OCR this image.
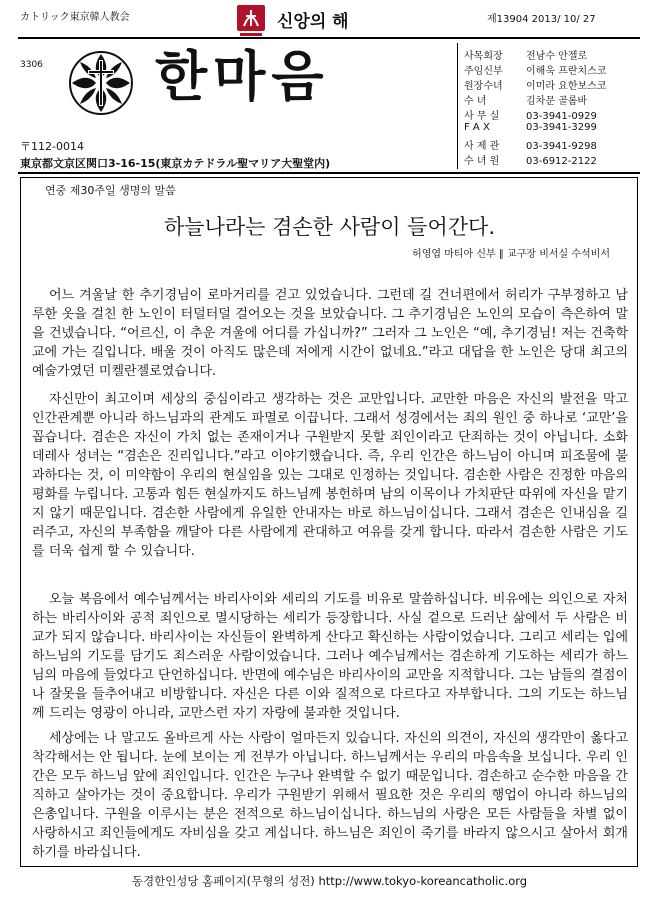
カトリック東京韓人教会	신앙의 해	제13904 2013/ 10/ 27
3306 한마음
〒112-0014
東京都文京区関口3-16-15(東京カテドラル聖マリア大聖堂内)
사목회장 전남수 안젤로
주임신부 이해욱 프란치스코
원장수녀 이미라 요한보스코
수 녀	김차문 골롬바
사 무 실	03-3941-0929
F A X	03-3941-3299
사 제 관	03-3941-9298
수 녀 원	03-6912-2122
연중 제30주일 생명의 말씀
하늘나라는 겸손한 사람이 들어간다.
허영엽 마티아 신부 ∥ 교구장 비서실 수석비서

어느 겨울날 한 추기경님이 로마거리를 걷고 있었습니다. 그런데 길 건너편에서 허리가 구부정하고 남루한 옷을 걸친 한 노인이 터덜터덜 걸어오는 것을 보았습니다. 그 추기경님은 노인의 모습이 측은하여 말을 건넸습니다. “어르신, 이 추운 겨울에 어디를 가십니까?” 그러자 그 노인은 “예, 추기경님! 저는 건축학교에 가는 길입니다. 배울 것이 아직도 많은데 저에게 시간이 없네요.”라고 대답을 한 노인은 당대 최고의 예술가였던 미켈란젤로였습니다.

자신만이 최고이며 세상의 중심이라고 생각하는 것은 교만입니다. 교만한 마음은 자신의 발전을 막고 인간관계뿐 아니라 하느님과의 관계도 파멸로 이끕니다. 그래서 성경에서는 죄의 원인 중 하나로 ‘교만’을 꼽습니다. 겸손은 자신이 가치 없는 존재이거나 구원받지 못할 죄인이라고 단죄하는 것이 아닙니다. 소화 데레사 성녀는 “겸손은 진리입니다.”라고 이야기했습니다. 즉, 우리 인간은 하느님이 아니며 피조물에 불과하다는 것, 이 미약함이 우리의 현실임을 있는 그대로 인정하는 것입니다. 겸손한 사람은 진정한 마음의 평화를 누립니다. 고통과 힘든 현실까지도 하느님께 봉헌하며 남의 이목이나 가치판단 따위에 자신을 맡기지 않기 때문입니다. 겸손한 사람에게 유일한 안내자는 바로 하느님이십니다. 그래서 겸손은 인내심을 길러주고, 자신의 부족함을 깨달아 다른 사람에게 관대하고 여유를 갖게 합니다. 따라서 겸손한 사람은 기도를 더욱 쉽게 할 수 있습니다.

오늘 복음에서 예수님께서는 바리사이와 세리의 기도를 비유로 말씀하십니다. 비유에는 의인으로 자처하는 바리사이와 공적 죄인으로 멸시당하는 세리가 등장합니다. 사실 겉으로 드러난 삶에서 두 사람은 비교가 되지 않습니다. 바리사이는 자신들이 완벽하게 산다고 확신하는 사람이었습니다. 그리고 세리는 입에 하느님의 기도를 담기도 죄스러운 사람이었습니다. 그러나 예수님께서는 겸손하게 기도하는 세리가 하느님의 마음에 들었다고 단언하십니다. 반면에 예수님은 바리사이의 교만을 지적합니다. 그는 남들의 결점이나 잘못을 들추어내고 비방합니다. 자신은 다른 이와 질적으로 다르다고 자부합니다. 그의 기도는 하느님께 드리는 영광이 아니라, 교만스런 자기 자랑에 불과한 것입니다.

세상에는 나 말고도 올바르게 사는 사람이 얼마든지 있습니다. 자신의 의견이, 자신의 생각만이 옳다고 착각해서는 안 됩니다. 눈에 보이는 게 전부가 아닙니다. 하느님께서는 우리의 마음속을 보십니다. 우리 인간은 모두 하느님 앞에 죄인입니다. 인간은 누구나 완벽할 수 없기 때문입니다. 겸손하고 순수한 마음을 간직하고 살아가는 것이 중요합니다. 우리가 구원받기 위해서 필요한 것은 우리의 행업이 아니라 하느님의 은총입니다. 구원을 이루시는 분은 전적으로 하느님이십니다. 하느님의 사랑은 모든 사람들을 차별 없이 사랑하시고 죄인들에게도 자비심을 갖고 계십니다. 하느님은 죄인이 죽기를 바라지 않으시고 살아서 회개하기를 바라십니다.

동경한인성당 홈페이지(무형의 성전) http://www.tokyo-koreancatholic.org
